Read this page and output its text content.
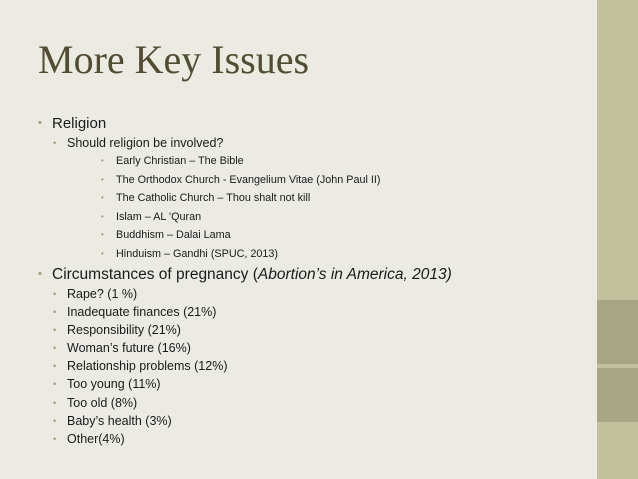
More Key Issues
• Religion
• Should religion be involved?
• Early Christian – The Bible
• The Orthodox Church - Evangelium Vitae (John Paul II)
• The Catholic Church – Thou shalt not kill
• Islam – AL 'Quran
• Buddhism – Dalai Lama
• Hinduism – Gandhi (SPUC, 2013)
• Circumstances of pregnancy (Abortion’s in America, 2013)
• Rape? (1 %)
• Inadequate finances (21%)
• Responsibility (21%)
• Woman’s future (16%)
• Relationship problems (12%)
• Too young (11%)
• Too old (8%)
• Baby’s health (3%)
• Other(4%)
